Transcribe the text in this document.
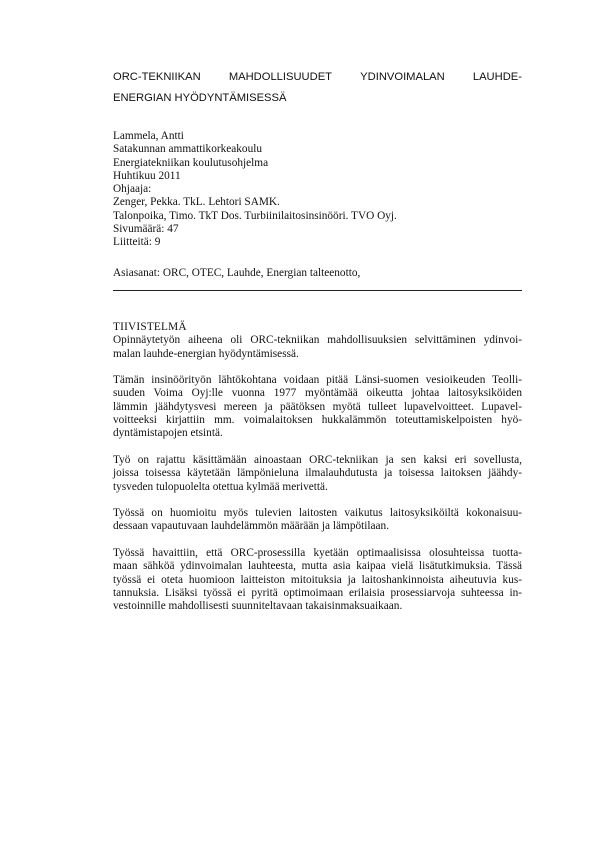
ORC-TEKNIIKAN	MAHDOLLISUUDET	YDINVOIMALAN	LAUHDE-
ENERGIAN HYÖDYNTÄMISESSÄ
Lammela, Antti
Satakunnan ammattikorkeakoulu
Energiatekniikan koulutusohjelma
Huhtikuu 2011
Ohjaaja:
Zenger, Pekka. TkL. Lehtori SAMK.
Talonpoika, Timo. TkT Dos. Turbiinilaitosinsinööri. TVO Oyj.
Sivumäärä: 47
Liitteitä: 9
Asiasanat: ORC, OTEC, Lauhde, Energian talteenotto,
TIIVISTELMÄ

Opinnäytetyön aiheena oli ORC-tekniikan mahdollisuuksien selvittäminen ydinvoi-
malan lauhde-energian hyödyntämisessä.

Tämän insinöörityön lähtökohtana voidaan pitää Länsi-suomen vesioikeuden Teolli-
suuden Voima Oyj:lle vuonna 1977 myöntämää oikeutta johtaa laitosyksiköiden
lämmin jäähdytysvesi mereen ja päätöksen myötä tulleet lupavelvoitteet. Lupavel-
voitteeksi kirjattiin mm. voimalaitoksen hukkalämmön toteuttamiskelpoisten hyö-
dyntämistapojen etsintä.

Työ on rajattu käsittämään ainoastaan ORC-tekniikan ja sen kaksi eri sovellusta,
joissa toisessa käytetään lämpönieluna ilmalauhdutusta ja toisessa laitoksen jäähdy-
tysveden tulopuolelta otettua kylmää merivettä.

Työssä on huomioitu myös tulevien laitosten vaikutus laitosyksiköiltä kokonaisuu-
dessaan vapautuvaan lauhdelämmön määrään ja lämpötilaan.

Työssä havaittiin, että ORC-prosessilla kyetään optimaalisissa olosuhteissa tuotta-
maan sähköä ydinvoimalan lauhteesta, mutta asia kaipaa vielä lisätutkimuksia. Tässä
työssä ei oteta huomioon laitteiston mitoituksia ja laitoshankinnoista aiheutuvia kus-
tannuksia. Lisäksi työssä ei pyritä optimoimaan erilaisia prosessiarvoja suhteessa in-
vestoinnille mahdollisesti suunniteltavaan takaisinmaksuaikaan.
